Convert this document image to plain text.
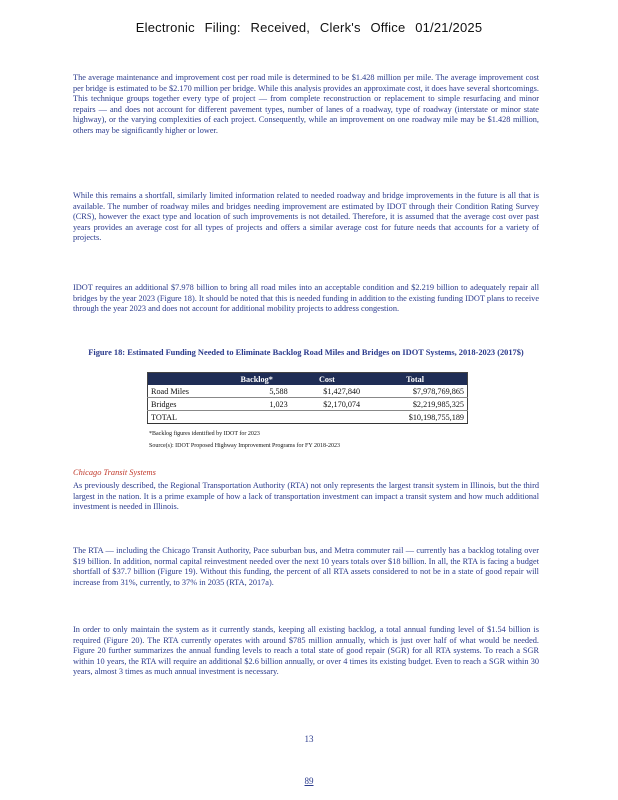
Electronic Filing: Received, Clerk's Office 01/21/2025
The average maintenance and improvement cost per road mile is determined to be $1.428 million per mile. The average improvement cost per bridge is estimated to be $2.170 million per bridge. While this analysis provides an approximate cost, it does have several shortcomings. This technique groups together every type of project — from complete reconstruction or replacement to simple resurfacing and minor repairs — and does not account for different pavement types, number of lanes of a roadway, type of roadway (interstate or minor state highway), or the varying complexities of each project. Consequently, while an improvement on one roadway mile may be $1.428 million, others may be significantly higher or lower.
While this remains a shortfall, similarly limited information related to needed roadway and bridge improvements in the future is all that is available. The number of roadway miles and bridges needing improvement are estimated by IDOT through their Condition Rating Survey (CRS), however the exact type and location of such improvements is not detailed. Therefore, it is assumed that the average cost over past years provides an average cost for all types of projects and offers a similar average cost for future needs that accounts for a variety of projects.
IDOT requires an additional $7.978 billion to bring all road miles into an acceptable condition and $2.219 billion to adequately repair all bridges by the year 2023 (Figure 18). It should be noted that this is needed funding in addition to the existing funding IDOT plans to receive through the year 2023 and does not account for additional mobility projects to address congestion.
Figure 18: Estimated Funding Needed to Eliminate Backlog Road Miles and Bridges on IDOT Systems, 2018-2023 (2017$)
	Backlog*	Cost	Total
Road Miles	5,588	$1,427,840	$7,978,769,865
Bridges	1,023	$2,170,074	$2,219,985,325
TOTAL			$10,198,755,189
*Backlog figures identified by IDOT for 2023
Source(s): IDOT Proposed Highway Improvement Programs for FY 2018-2023
Chicago Transit Systems
As previously described, the Regional Transportation Authority (RTA) not only represents the largest transit system in Illinois, but the third largest in the nation. It is a prime example of how a lack of transportation investment can impact a transit system and how much additional investment is needed in Illinois.
The RTA — including the Chicago Transit Authority, Pace suburban bus, and Metra commuter rail — currently has a backlog totaling over $19 billion. In addition, normal capital reinvestment needed over the next 10 years totals over $18 billion. In all, the RTA is facing a budget shortfall of $37.7 billion (Figure 19). Without this funding, the percent of all RTA assets considered to not be in a state of good repair will increase from 31%, currently, to 37% in 2035 (RTA, 2017a).
In order to only maintain the system as it currently stands, keeping all existing backlog, a total annual funding level of $1.54 billion is required (Figure 20). The RTA currently operates with around $785 million annually, which is just over half of what would be needed. Figure 20 further summarizes the annual funding levels to reach a total state of good repair (SGR) for all RTA systems. To reach a SGR within 10 years, the RTA will require an additional $2.6 billion annually, or over 4 times its existing budget. Even to reach a SGR within 30 years, almost 3 times as much annual investment is necessary.
13
89
